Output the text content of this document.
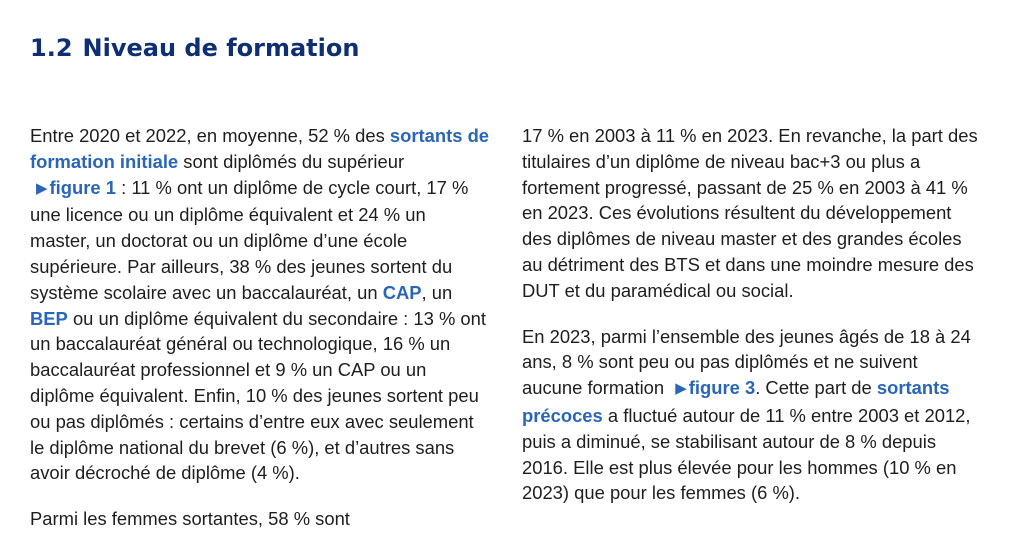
1.2 Niveau de formation

Entre 2020 et 2022, en moyenne, 52 % des sortants de formation initiale sont diplômés du supérieur ▶ figure 1 : 11 % ont un diplôme de cycle court, 17 % une licence ou un diplôme équivalent et 24 % un master, un doctorat ou un diplôme d’une école supérieure. Par ailleurs, 38 % des jeunes sortent du système scolaire avec un baccalauréat, un CAP, un BEP ou un diplôme équivalent du secondaire : 13 % ont un baccalauréat général ou technologique, 16 % un baccalauréat professionnel et 9 % un CAP ou un diplôme équivalent. Enfin, 10 % des jeunes sortent peu ou pas diplômés : certains d’entre eux avec seulement le diplôme national du brevet (6 %), et d’autres sans avoir décroché de diplôme (4 %).

Parmi les femmes sortantes, 58 % sont

17 % en 2003 à 11 % en 2023. En revanche, la part des titulaires d’un diplôme de niveau bac+3 ou plus a fortement progressé, passant de 25 % en 2003 à 41 % en 2023. Ces évolutions résultent du développement des diplômes de niveau master et des grandes écoles au détriment des BTS et dans une moindre mesure des DUT et du paramédical ou social.

En 2023, parmi l’ensemble des jeunes âgés de 18 à 24 ans, 8 % sont peu ou pas diplômés et ne suivent aucune formation ▶ figure 3. Cette part de sortants précoces a fluctué autour de 11 % entre 2003 et 2012, puis a diminué, se stabilisant autour de 8 % depuis 2016. Elle est plus élevée pour les hommes (10 % en 2023) que pour les femmes (6 %).
